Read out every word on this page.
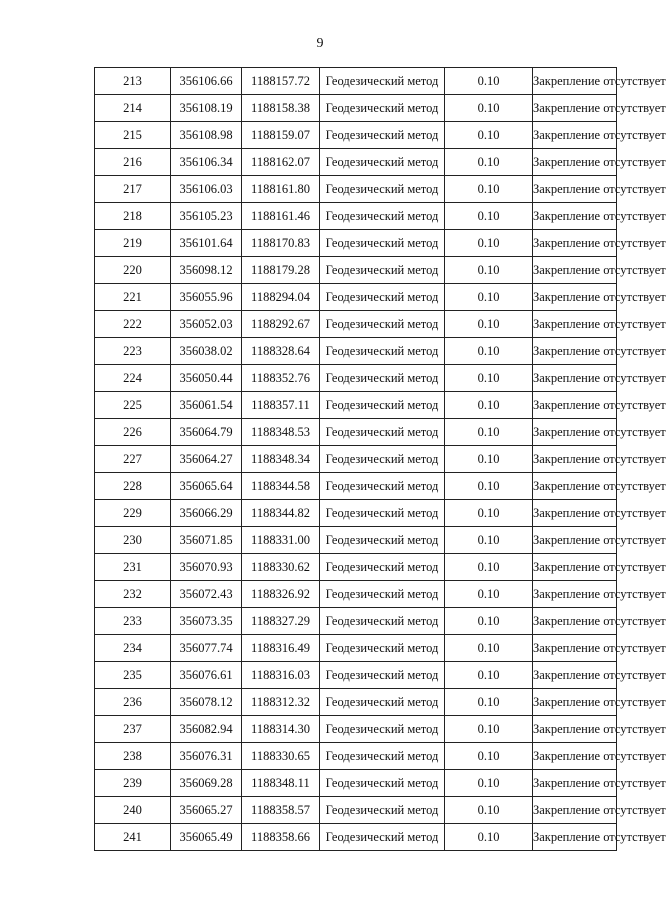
9
213	356106.66	1188157.72	Геодезический метод	0.10	Закрепление отсутствует
214	356108.19	1188158.38	Геодезический метод	0.10	Закрепление отсутствует
215	356108.98	1188159.07	Геодезический метод	0.10	Закрепление отсутствует
216	356106.34	1188162.07	Геодезический метод	0.10	Закрепление отсутствует
217	356106.03	1188161.80	Геодезический метод	0.10	Закрепление отсутствует
218	356105.23	1188161.46	Геодезический метод	0.10	Закрепление отсутствует
219	356101.64	1188170.83	Геодезический метод	0.10	Закрепление отсутствует
220	356098.12	1188179.28	Геодезический метод	0.10	Закрепление отсутствует
221	356055.96	1188294.04	Геодезический метод	0.10	Закрепление отсутствует
222	356052.03	1188292.67	Геодезический метод	0.10	Закрепление отсутствует
223	356038.02	1188328.64	Геодезический метод	0.10	Закрепление отсутствует
224	356050.44	1188352.76	Геодезический метод	0.10	Закрепление отсутствует
225	356061.54	1188357.11	Геодезический метод	0.10	Закрепление отсутствует
226	356064.79	1188348.53	Геодезический метод	0.10	Закрепление отсутствует
227	356064.27	1188348.34	Геодезический метод	0.10	Закрепление отсутствует
228	356065.64	1188344.58	Геодезический метод	0.10	Закрепление отсутствует
229	356066.29	1188344.82	Геодезический метод	0.10	Закрепление отсутствует
230	356071.85	1188331.00	Геодезический метод	0.10	Закрепление отсутствует
231	356070.93	1188330.62	Геодезический метод	0.10	Закрепление отсутствует
232	356072.43	1188326.92	Геодезический метод	0.10	Закрепление отсутствует
233	356073.35	1188327.29	Геодезический метод	0.10	Закрепление отсутствует
234	356077.74	1188316.49	Геодезический метод	0.10	Закрепление отсутствует
235	356076.61	1188316.03	Геодезический метод	0.10	Закрепление отсутствует
236	356078.12	1188312.32	Геодезический метод	0.10	Закрепление отсутствует
237	356082.94	1188314.30	Геодезический метод	0.10	Закрепление отсутствует
238	356076.31	1188330.65	Геодезический метод	0.10	Закрепление отсутствует
239	356069.28	1188348.11	Геодезический метод	0.10	Закрепление отсутствует
240	356065.27	1188358.57	Геодезический метод	0.10	Закрепление отсутствует
241	356065.49	1188358.66	Геодезический метод	0.10	Закрепление отсутствует
